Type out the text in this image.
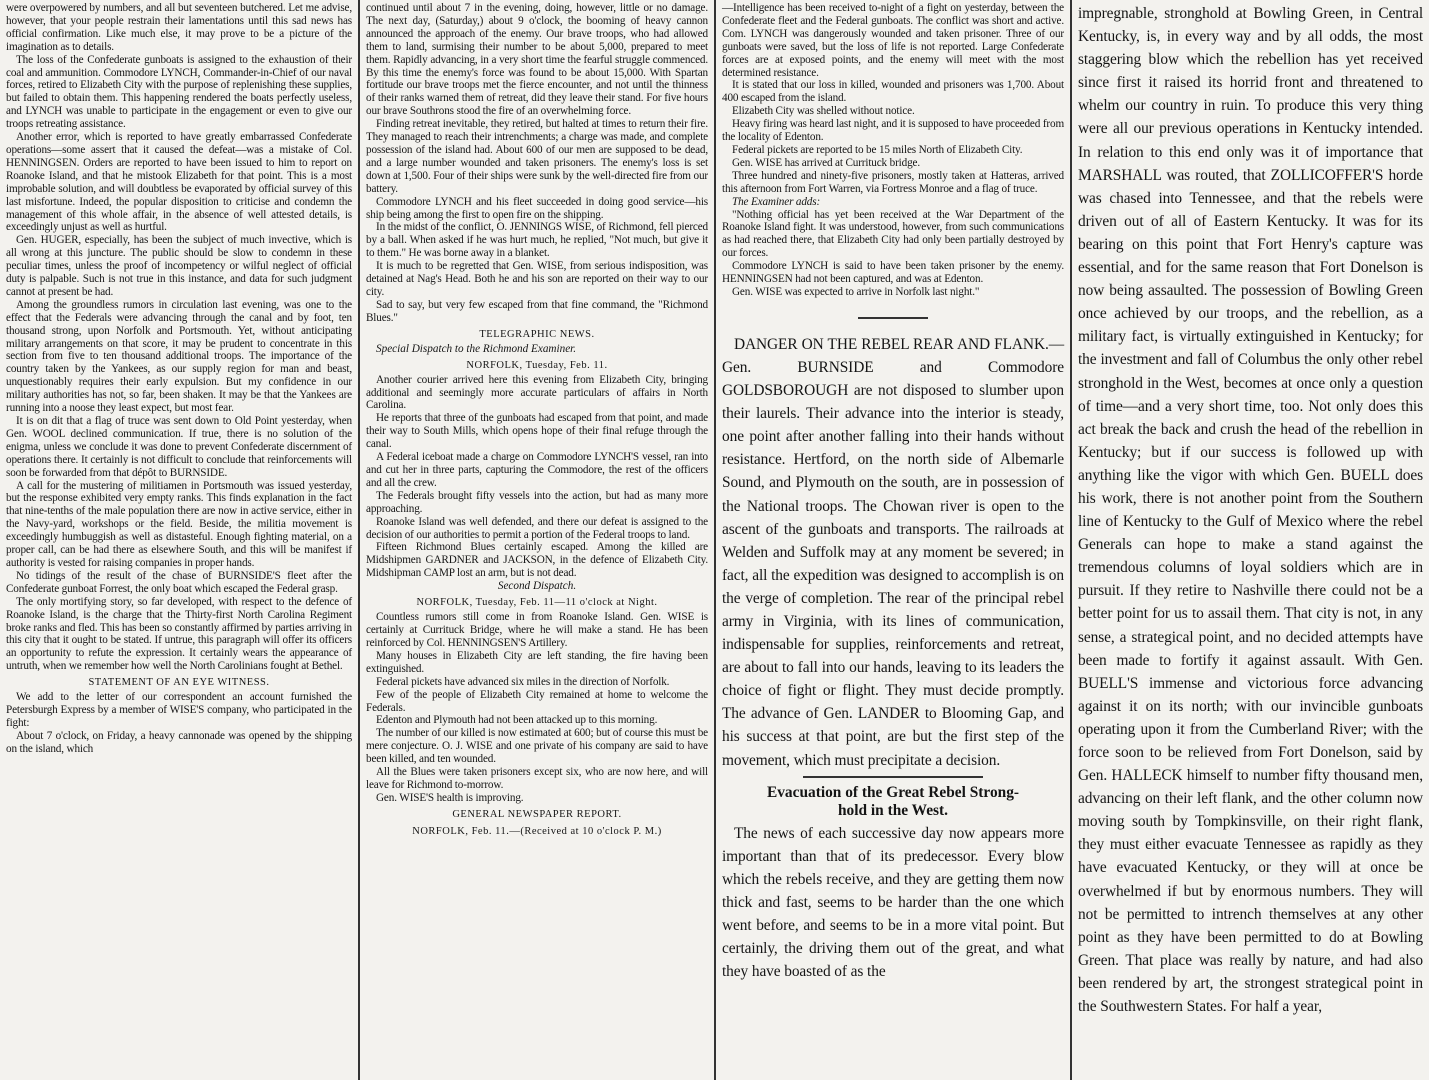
were overpowered by numbers, and all but seventeen butchered. Let me advise, however, that your people restrain their lamentations until this sad news has official confirmation. Like much else, it may prove to be a picture of the imagination as to details.

The loss of the Confederate gunboats is assigned to the exhaustion of their coal and ammunition. Commodore LYNCH, Commander-in-Chief of our naval forces, retired to Elizabeth City with the purpose of replenishing these supplies, but failed to obtain them. This happening rendered the boats perfectly useless, and LYNCH was unable to participate in the engagement or even to give our troops retreating assistance.

Another error, which is reported to have greatly embarrassed Confederate operations—some assert that it caused the defeat—was a mistake of Col. HENNINGSEN. Orders are reported to have been issued to him to report on Roanoke Island, and that he mistook Elizabeth for that point. This is a most improbable solution, and will doubtless be evaporated by official survey of this last misfortune. Indeed, the popular disposition to criticise and condemn the management of this whole affair, in the absence of well attested details, is exceedingly unjust as well as hurtful.

Gen. HUGER, especially, has been the subject of much invective, which is all wrong at this juncture. The public should be slow to condemn in these peculiar times, unless the proof of incompetency or wilful neglect of official duty is palpable. Such is not true in this instance, and data for such judgment cannot at present be had.

Among the groundless rumors in circulation last evening, was one to the effect that the Federals were advancing through the canal and by foot, ten thousand strong, upon Norfolk and Portsmouth. Yet, without anticipating military arrangements on that score, it may be prudent to concentrate in this section from five to ten thousand additional troops. The importance of the country taken by the Yankees, as our supply region for man and beast, unquestionably requires their early expulsion. But my confidence in our military authorities has not, so far, been shaken. It may be that the Yankees are running into a noose they least expect, but most fear.

It is on dit that a flag of truce was sent down to Old Point yesterday, when Gen. WOOL declined communication. If true, there is no solution of the enigma, unless we conclude it was done to prevent Confederate discernment of operations there. It certainly is not difficult to conclude that reinforcements will soon be forwarded from that dépôt to BURNSIDE.

A call for the mustering of militiamen in Portsmouth was issued yesterday, but the response exhibited very empty ranks. This finds explanation in the fact that nine-tenths of the male population there are now in active service, either in the Navy-yard, workshops or the field. Beside, the militia movement is exceedingly humbuggish as well as distasteful. Enough fighting material, on a proper call, can be had there as elsewhere South, and this will be manifest if authority is vested for raising companies in proper hands.

No tidings of the result of the chase of BURNSIDE'S fleet after the Confederate gunboat Forrest, the only boat which escaped the Federal grasp.

The only mortifying story, so far developed, with respect to the defence of Roanoke Island, is the charge that the Thirty-first North Carolina Regiment broke ranks and fled. This has been so constantly affirmed by parties arriving in this city that it ought to be stated. If untrue, this paragraph will offer its officers an opportunity to refute the expression. It certainly wears the appearance of untruth, when we remember how well the North Carolinians fought at Bethel.

STATEMENT OF AN EYE WITNESS.

We add to the letter of our correspondent an account furnished the Petersburgh Express by a member of WISE'S company, who participated in the fight:

About 7 o'clock, on Friday, a heavy cannonade was opened by the shipping on the island, which

continued until about 7 in the evening, doing, however, little or no damage. The next day, (Saturday,) about 9 o'clock, the booming of heavy cannon announced the approach of the enemy. Our brave troops, who had allowed them to land, surmising their number to be about 5,000, prepared to meet them. Rapidly advancing, in a very short time the fearful struggle commenced. By this time the enemy's force was found to be about 15,000. With Spartan fortitude our brave troops met the fierce encounter, and not until the thinness of their ranks warned them of retreat, did they leave their stand. For five hours our brave Southrons stood the fire of an overwhelming force.

Finding retreat inevitable, they retired, but halted at times to return their fire. They managed to reach their intrenchments; a charge was made, and complete possession of the island had. About 600 of our men are supposed to be dead, and a large number wounded and taken prisoners. The enemy's loss is set down at 1,500. Four of their ships were sunk by the well-directed fire from our battery.

Commodore LYNCH and his fleet succeeded in doing good service—his ship being among the first to open fire on the shipping.

In the midst of the conflict, O. JENNINGS WISE, of Richmond, fell pierced by a ball. When asked if he was hurt much, he replied, "Not much, but give it to them." He was borne away in a blanket.

It is much to be regretted that Gen. WISE, from serious indisposition, was detained at Nag's Head. Both he and his son are reported on their way to our city.

Sad to say, but very few escaped from that fine command, the "Richmond Blues."

TELEGRAPHIC NEWS.
Special Dispatch to the Richmond Examiner.
NORFOLK, Tuesday, Feb. 11.

Another courier arrived here this evening from Elizabeth City, bringing additional and seemingly more accurate particulars of affairs in North Carolina.

He reports that three of the gunboats had escaped from that point, and made their way to South Mills, which opens hope of their final refuge through the canal.

A Federal iceboat made a charge on Commodore LYNCH'S vessel, ran into and cut her in three parts, capturing the Commodore, the rest of the officers and all the crew.

The Federals brought fifty vessels into the action, but had as many more approaching.

Roanoke Island was well defended, and there our defeat is assigned to the decision of our authorities to permit a portion of the Federal troops to land.

Fifteen Richmond Blues certainly escaped. Among the killed are Midshipmen GARDNER and JACKSON, in the defence of Elizabeth City. Midshipman CAMP lost an arm, but is not dead.

Second Dispatch.
NORFOLK, Tuesday, Feb. 11—11 o'clock at Night.

Countless rumors still come in from Roanoke Island. Gen. WISE is certainly at Currituck Bridge, where he will make a stand. He has been reinforced by Col. HENNINGSEN'S Artillery.

Many houses in Elizabeth City are left standing, the fire having been extinguished.

Federal pickets have advanced six miles in the direction of Norfolk.

Few of the people of Elizabeth City remained at home to welcome the Federals.

Edenton and Plymouth had not been attacked up to this morning.

The number of our killed is now estimated at 600; but of course this must be mere conjecture. O. J. WISE and one private of his company are said to have been killed, and ten wounded.

All the Blues were taken prisoners except six, who are now here, and will leave for Richmond to-morrow.

Gen. WISE'S health is improving.

GENERAL NEWSPAPER REPORT.
NORFOLK, Feb. 11.—(Received at 10 o'clock P. M.)

—Intelligence has been received to-night of a fight on yesterday, between the Confederate fleet and the Federal gunboats. The conflict was short and active. Com. LYNCH was dangerously wounded and taken prisoner. Three of our gunboats were saved, but the loss of life is not reported. Large Confederate forces are at exposed points, and the enemy will meet with the most determined resistance.

It is stated that our loss in killed, wounded and prisoners was 1,700. About 400 escaped from the island.

Elizabeth City was shelled without notice.

Heavy firing was heard last night, and it is supposed to have proceeded from the locality of Edenton.

Federal pickets are reported to be 15 miles North of Elizabeth City.

Gen. WISE has arrived at Currituck bridge.

Three hundred and ninety-five prisoners, mostly taken at Hatteras, arrived this afternoon from Fort Warren, via Fortress Monroe and a flag of truce.

The Examiner adds:

"Nothing official has yet been received at the War Department of the Roanoke Island fight. It was understood, however, from such communications as had reached there, that Elizabeth City had only been partially destroyed by our forces.

Commodore LYNCH is said to have been taken prisoner by the enemy. HENNINGSEN had not been captured, and was at Edenton.

Gen. WISE was expected to arrive in Norfolk last night."

DANGER ON THE REBEL REAR AND FLANK.—Gen. BURNSIDE and Commodore GOLDSBOROUGH are not disposed to slumber upon their laurels. Their advance into the interior is steady, one point after another falling into their hands without resistance. Hertford, on the north side of Albemarle Sound, and Plymouth on the south, are in possession of the National troops. The Chowan river is open to the ascent of the gunboats and transports. The railroads at Welden and Suffolk may at any moment be severed; in fact, all the expedition was designed to accomplish is on the verge of completion. The rear of the principal rebel army in Virginia, with its lines of communication, indispensable for supplies, reinforcements and retreat, are about to fall into our hands, leaving to its leaders the choice of fight or flight. They must decide promptly. The advance of Gen. LANDER to Blooming Gap, and his success at that point, are but the first step of the movement, which must precipitate a decision.

Evacuation of the Great Rebel Strong-
hold in the West.

The news of each successive day now appears more important than that of its predecessor. Every blow which the rebels receive, and they are getting them now thick and fast, seems to be harder than the one which went before, and seems to be in a more vital point. But certainly, the driving them out of the great, and what they have boasted of as the

impregnable, stronghold at Bowling Green, in Central Kentucky, is, in every way and by all odds, the most staggering blow which the rebellion has yet received since first it raised its horrid front and threatened to whelm our country in ruin. To produce this very thing were all our previous operations in Kentucky intended. In relation to this end only was it of importance that MARSHALL was routed, that ZOLLICOFFER'S horde was chased into Tennessee, and that the rebels were driven out of all of Eastern Kentucky. It was for its bearing on this point that Fort Henry's capture was essential, and for the same reason that Fort Donelson is now being assaulted. The possession of Bowling Green once achieved by our troops, and the rebellion, as a military fact, is virtually extinguished in Kentucky; for the investment and fall of Columbus the only other rebel stronghold in the West, becomes at once only a question of time—and a very short time, too. Not only does this act break the back and crush the head of the rebellion in Kentucky; but if our success is followed up with anything like the vigor with which Gen. BUELL does his work, there is not another point from the Southern line of Kentucky to the Gulf of Mexico where the rebel Generals can hope to make a stand against the tremendous columns of loyal soldiers which are in pursuit. If they retire to Nashville there could not be a better point for us to assail them. That city is not, in any sense, a strategical point, and no decided attempts have been made to fortify it against assault. With Gen. BUELL'S immense and victorious force advancing against it on its north; with our invincible gunboats operating upon it from the Cumberland River; with the force soon to be relieved from Fort Donelson, said by Gen. HALLECK himself to number fifty thousand men, advancing on their left flank, and the other column now moving south by Tompkinsville, on their right flank, they must either evacuate Tennessee as rapidly as they have evacuated Kentucky, or they will at once be overwhelmed if but by enormous numbers. They will not be permitted to intrench themselves at any other point as they have been permitted to do at Bowling Green. That place was really by nature, and had also been rendered by art, the strongest strategical point in the Southwestern States. For half a year,
